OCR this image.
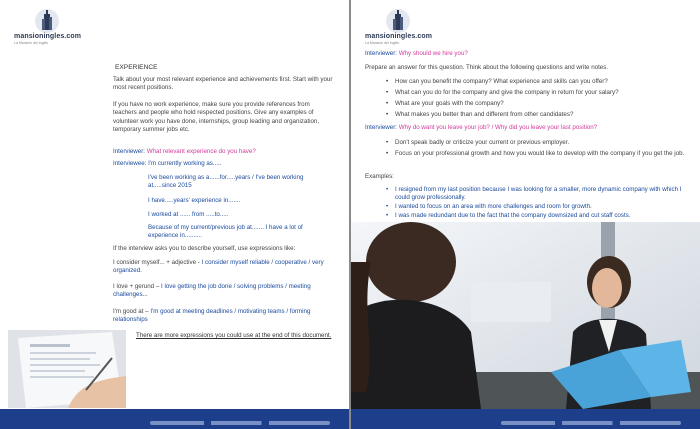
mansioningles.com
La Mansión del Inglés
EXPERIENCE
Talk about your most relevant experience and achievements first. Start with your most recent positions.
If you have no work experience, make sure you provide references from teachers and people who hold respected positions. Give any examples of volunteer work you have done, internships, group leading and organization, temporary summer jobs etc.
Interviewer: What relevant experience do you have?
Interviewee: I'm currently working as.....
I've been working as a......for.....years / I've been working at.....since 2015
I have.....years' experience in.......
I worked at ...... from .....to.....
Because of my current/previous job at....... I have a lot of experience in..........
If the interview asks you to describe yourself, use expressions like:
I consider myself... + adjective - I consider myself reliable / cooperative / very organized.
I love + gerund – I love getting the job done / solving problems / meeting challenges...
I'm good at – I'm good at meeting deadlines / motivating teams / forming relationships
There are more expressions you could use at the end of this document.
mansioningles.com
La Mansión del Inglés
Interviewer: Why should we hire you?
Prepare an answer for this question. Think about the following questions and write notes.
• How can you benefit the company? What experience and skills can you offer?
• What can you do for the company and give the company in return for your salary?
• What are your goals with the company?
• What makes you better than and different from other candidates?
Interviewer: Why do want you leave your job? / Why did you leave your last position?
• Don't speak badly or criticize your current or previous employer.
• Focus on your professional growth and how you would like to develop with the company if you get the job.
Examples:
• I resigned from my last position because I was looking for a smaller, more dynamic company with which I could grow professionally.
• I wanted to focus on an area with more challenges and room for growth.
• I was made redundant due to the fact that the company downsized and cut staff costs.
